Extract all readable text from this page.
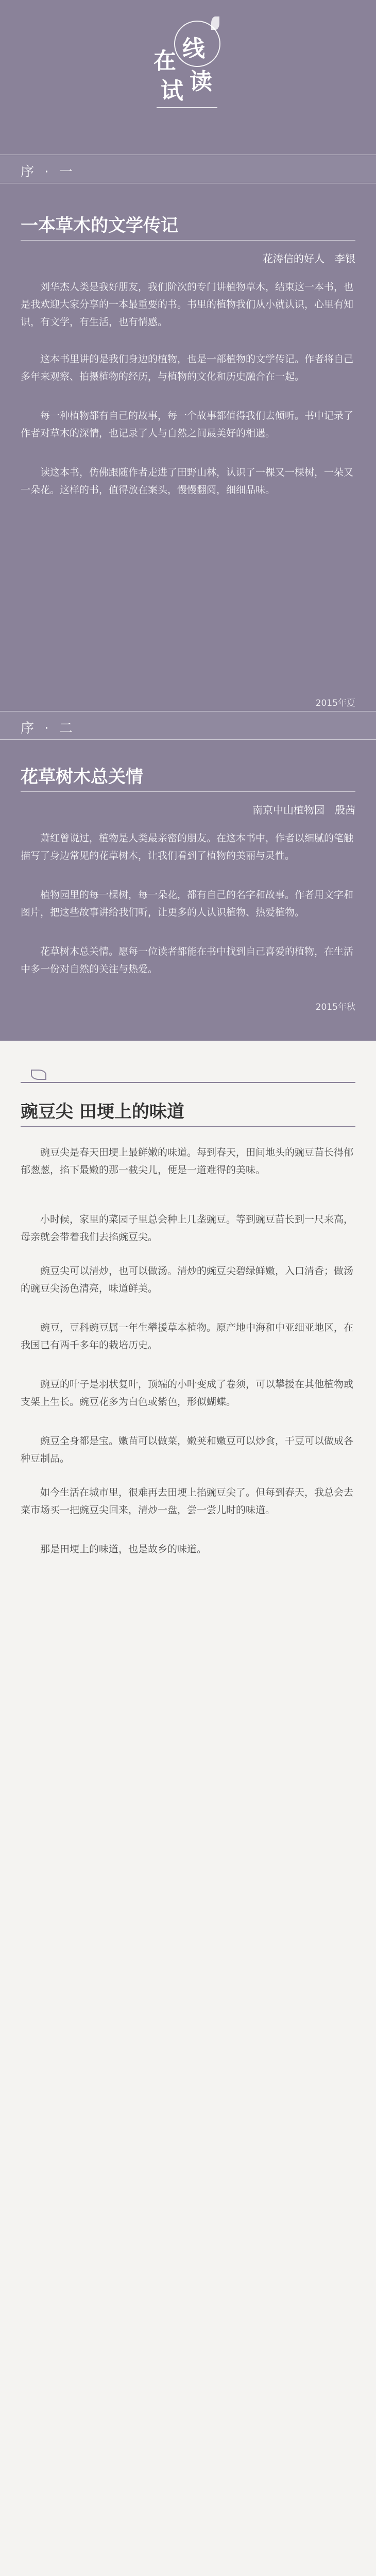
在 线
试 读
序 · 一
一本草木的文学传记
花涛信的好人　李银

刘华杰人类是我好朋友，我们阶次的专门讲植物草木，结束这一本书，也是我欢迎大家分享的一本最重要的书。书里的植物我们从小就认识，心里有知识，有文学，有生活，也有情感。

这本书里讲的是我们身边的植物，也是一部植物的文学传记。作者将自己多年来观察、拍摄植物的经历，与植物的文化和历史融合在一起。

每一种植物都有自己的故事，每一个故事都值得我们去倾听。书中记录了作者对草木的深情，也记录了人与自然之间最美好的相遇。

读这本书，仿佛跟随作者走进了田野山林，认识了一棵又一棵树，一朵又一朵花。这样的书，值得放在案头，慢慢翻阅，细细品味。

2015年夏
序 · 二
花草树木总关情
南京中山植物园　殷茜

萧红曾说过，植物是人类最亲密的朋友。在这本书中，作者以细腻的笔触描写了身边常见的花草树木，让我们看到了植物的美丽与灵性。

植物园里的每一棵树，每一朵花，都有自己的名字和故事。作者用文字和图片，把这些故事讲给我们听，让更多的人认识植物、热爱植物。

花草树木总关情。愿每一位读者都能在书中找到自己喜爱的植物，在生活中多一份对自然的关注与热爱。

2015年秋
豌豆尖 田埂上的味道

豌豆尖是春天田埂上最鲜嫩的味道。每到春天，田间地头的豌豆苗长得郁郁葱葱，掐下最嫩的那一截尖儿，便是一道难得的美味。

小时候，家里的菜园子里总会种上几垄豌豆。等到豌豆苗长到一尺来高，母亲就会带着我们去掐豌豆尖。

豌豆尖可以清炒，也可以做汤。清炒的豌豆尖碧绿鲜嫩，入口清香；做汤的豌豆尖汤色清亮，味道鲜美。

豌豆，豆科豌豆属一年生攀援草本植物。原产地中海和中亚细亚地区，在我国已有两千多年的栽培历史。

豌豆的叶子是羽状复叶，顶端的小叶变成了卷须，可以攀援在其他植物或支架上生长。豌豆花多为白色或紫色，形似蝴蝶。

豌豆全身都是宝。嫩苗可以做菜，嫩荚和嫩豆可以炒食，干豆可以做成各种豆制品。

如今生活在城市里，很难再去田埂上掐豌豆尖了。但每到春天，我总会去菜市场买一把豌豆尖回来，清炒一盘，尝一尝儿时的味道。

那是田埂上的味道，也是故乡的味道。
